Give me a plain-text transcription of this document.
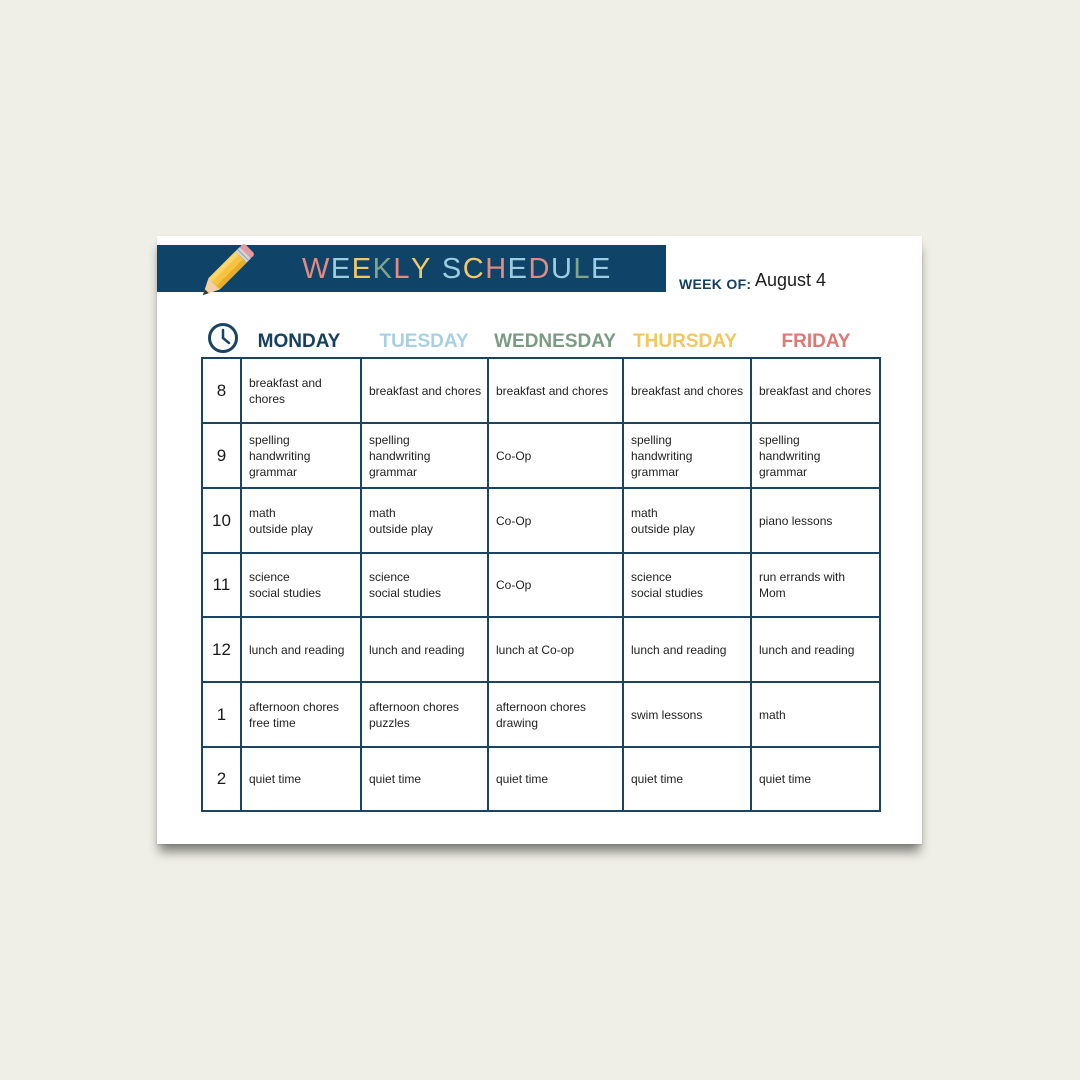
WEEKLY SCHEDULE	WEEK OF: August 4
MONDAY	TUESDAY	WEDNESDAY THURSDAY	FRIDAY
8	breakfast and chores	breakfast and chores	breakfast and chores	breakfast and chores	breakfast and chores

9	spelling
handwriting
grammar	spelling
handwriting
grammar	Co-Op	spelling
handwriting
grammar	spelling
handwriting
grammar

10	math
outside play	math
outside play	Co-Op	math
outside play	piano lessons

11	science
social studies	science
social studies	Co-Op	science
social studies	run errands with Mom

12	lunch and reading	lunch and reading	lunch at Co-op	lunch and reading	lunch and reading

1	afternoon chores
free time	afternoon chores
puzzles	afternoon chores
drawing	swim lessons	math

2	quiet time	quiet time	quiet time	quiet time	quiet time
